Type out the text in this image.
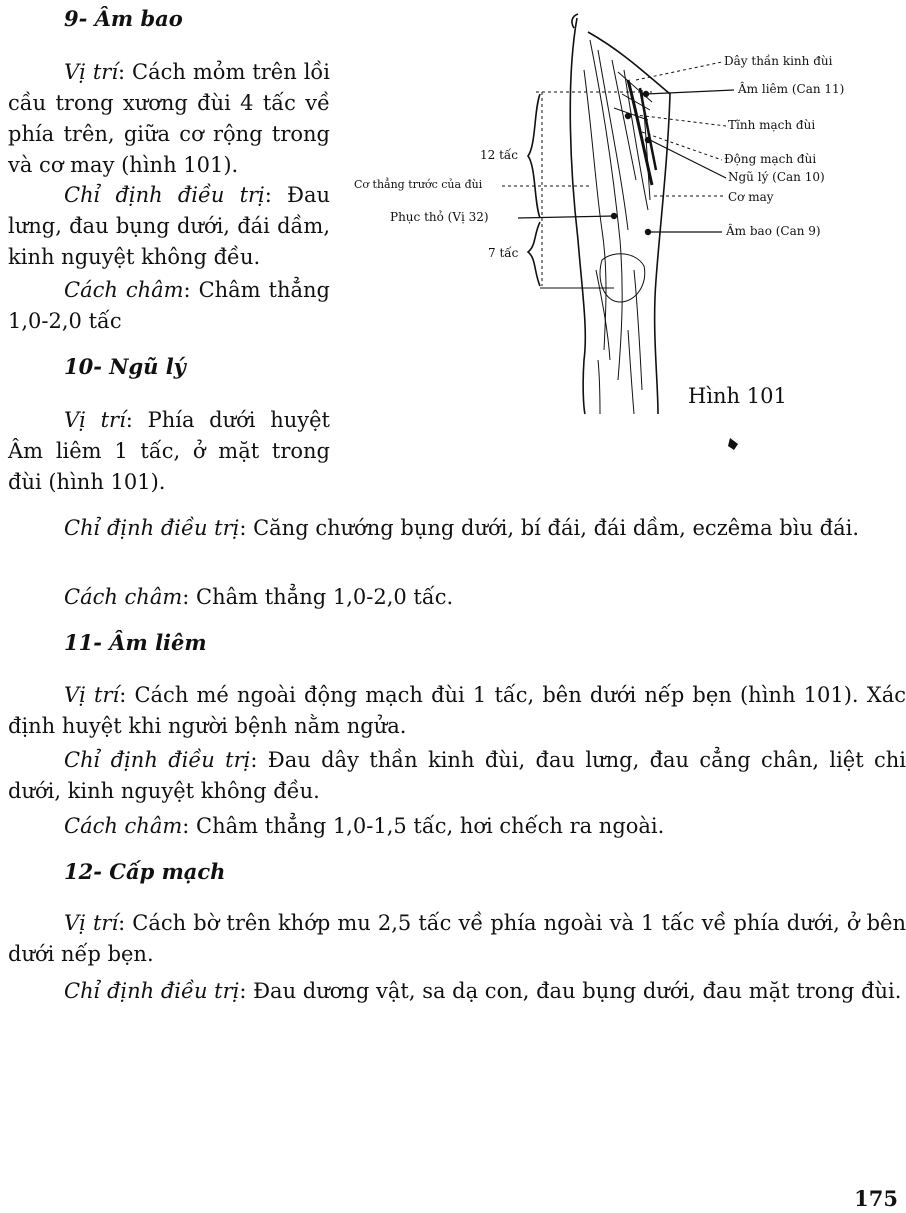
9- Âm bao

Vị trí: Cách mỏm trên lồi cầu trong xương đùi 4 tấc về phía trên, giữa cơ rộng trong và cơ may (hình 101).

Chỉ định điều trị: Đau lưng, đau bụng dưới, đái dầm, kinh nguyệt không đều.

Cách châm: Châm thẳng 1,0-2,0 tấc

10- Ngũ lý

Vị trí: Phía dưới huyệt Âm liêm 1 tấc, ở mặt trong đùi (hình 101).

Chỉ định điều trị: Căng chướng bụng dưới, bí đái, đái dầm, eczêma bìu đái.

Cách châm: Châm thẳng 1,0-2,0 tấc.

11- Âm liêm

Vị trí: Cách mé ngoài động mạch đùi 1 tấc, bên dưới nếp bẹn (hình 101). Xác định huyệt khi người bệnh nằm ngửa.

Chỉ định điều trị: Đau dây thần kinh đùi, đau lưng, đau cẳng chân, liệt chi dưới, kinh nguyệt không đều.

Cách châm: Châm thẳng 1,0-1,5 tấc, hơi chếch ra ngoài.

12- Cấp mạch

Vị trí: Cách bờ trên khớp mu 2,5 tấc về phía ngoài và 1 tấc về phía dưới, ở bên dưới nếp bẹn.

Chỉ định điều trị: Đau dương vật, sa dạ con, đau bụng dưới, đau mặt trong đùi.

Dây thần kinh đùi
Âm liêm (Can 11)
Tĩnh mạch đùi
Động mạch đùi
Ngũ lý (Can 10)
Cơ may
Âm bao (Can 9)
12 tấc
Cơ thẳng trước của đùi
Phục thỏ (Vị 32)
7 tấc
Hình 101
175
